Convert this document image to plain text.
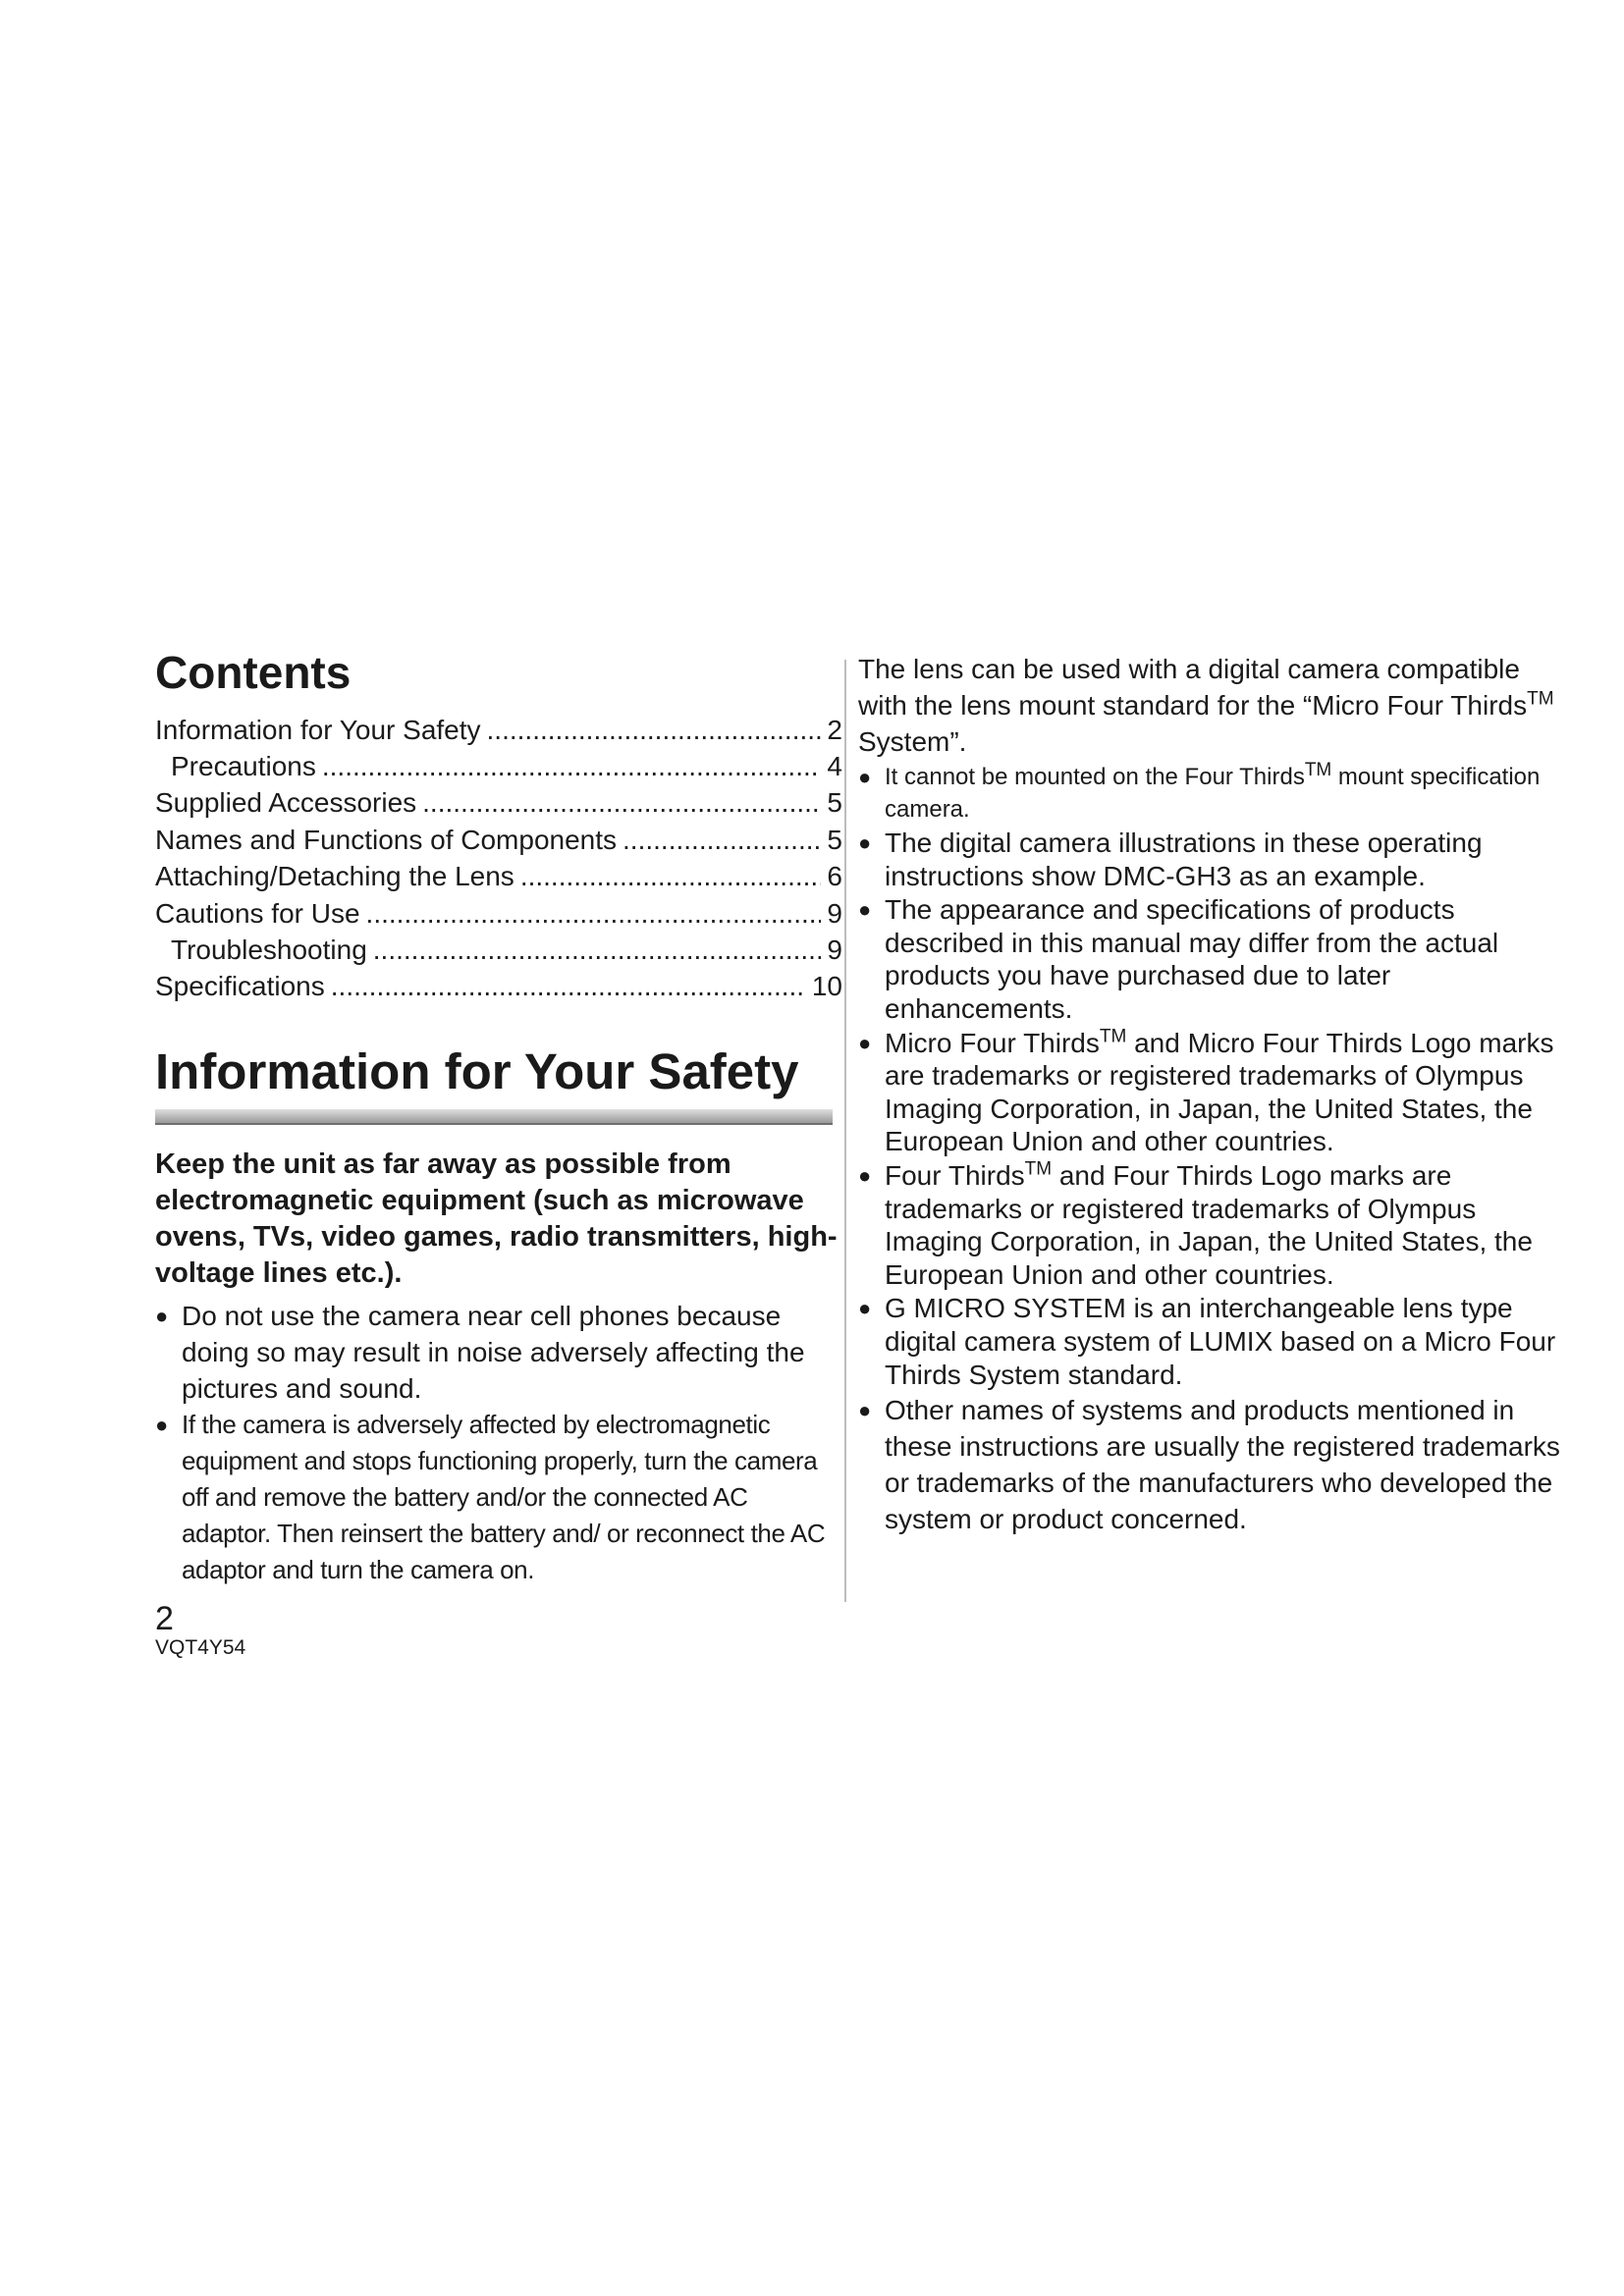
Contents
Information for Your Safety .....	2
Precautions .....	4
Supplied Accessories .....	5
Names and Functions of Components .....	5
Attaching/Detaching the Lens .....	6
Cautions for Use .....	9
Troubleshooting .....	9
Specifications .....	10
Information for Your Safety

Keep the unit as far away as possible from electromagnetic equipment (such as microwave ovens, TVs, video games, radio transmitters, high-voltage lines etc.).

● Do not use the camera near cell phones because doing so may result in noise adversely affecting the pictures and sound.
● If the camera is adversely affected by electromagnetic equipment and stops functioning properly, turn the camera off and remove the battery and/or the connected AC adaptor. Then reinsert the battery and/ or reconnect the AC adaptor and turn the camera on.

The lens can be used with a digital camera compatible with the lens mount standard for the “Micro Four Thirds™ System”.

● It cannot be mounted on the Four Thirds™ mount specification camera.
● The digital camera illustrations in these operating instructions show DMC-GH3 as an example.
● The appearance and specifications of products described in this manual may differ from the actual products you have purchased due to later enhancements.
● Micro Four Thirds™ and Micro Four Thirds Logo marks are trademarks or registered trademarks of Olympus Imaging Corporation, in Japan, the United States, the European Union and other countries.
● Four Thirds™ and Four Thirds Logo marks are trademarks or registered trademarks of Olympus Imaging Corporation, in Japan, the United States, the European Union and other countries.
● G MICRO SYSTEM is an interchangeable lens type digital camera system of LUMIX based on a Micro Four Thirds System standard.
● Other names of systems and products mentioned in these instructions are usually the registered trademarks or trademarks of the manufacturers who developed the system or product concerned.
2
VQT4Y54
